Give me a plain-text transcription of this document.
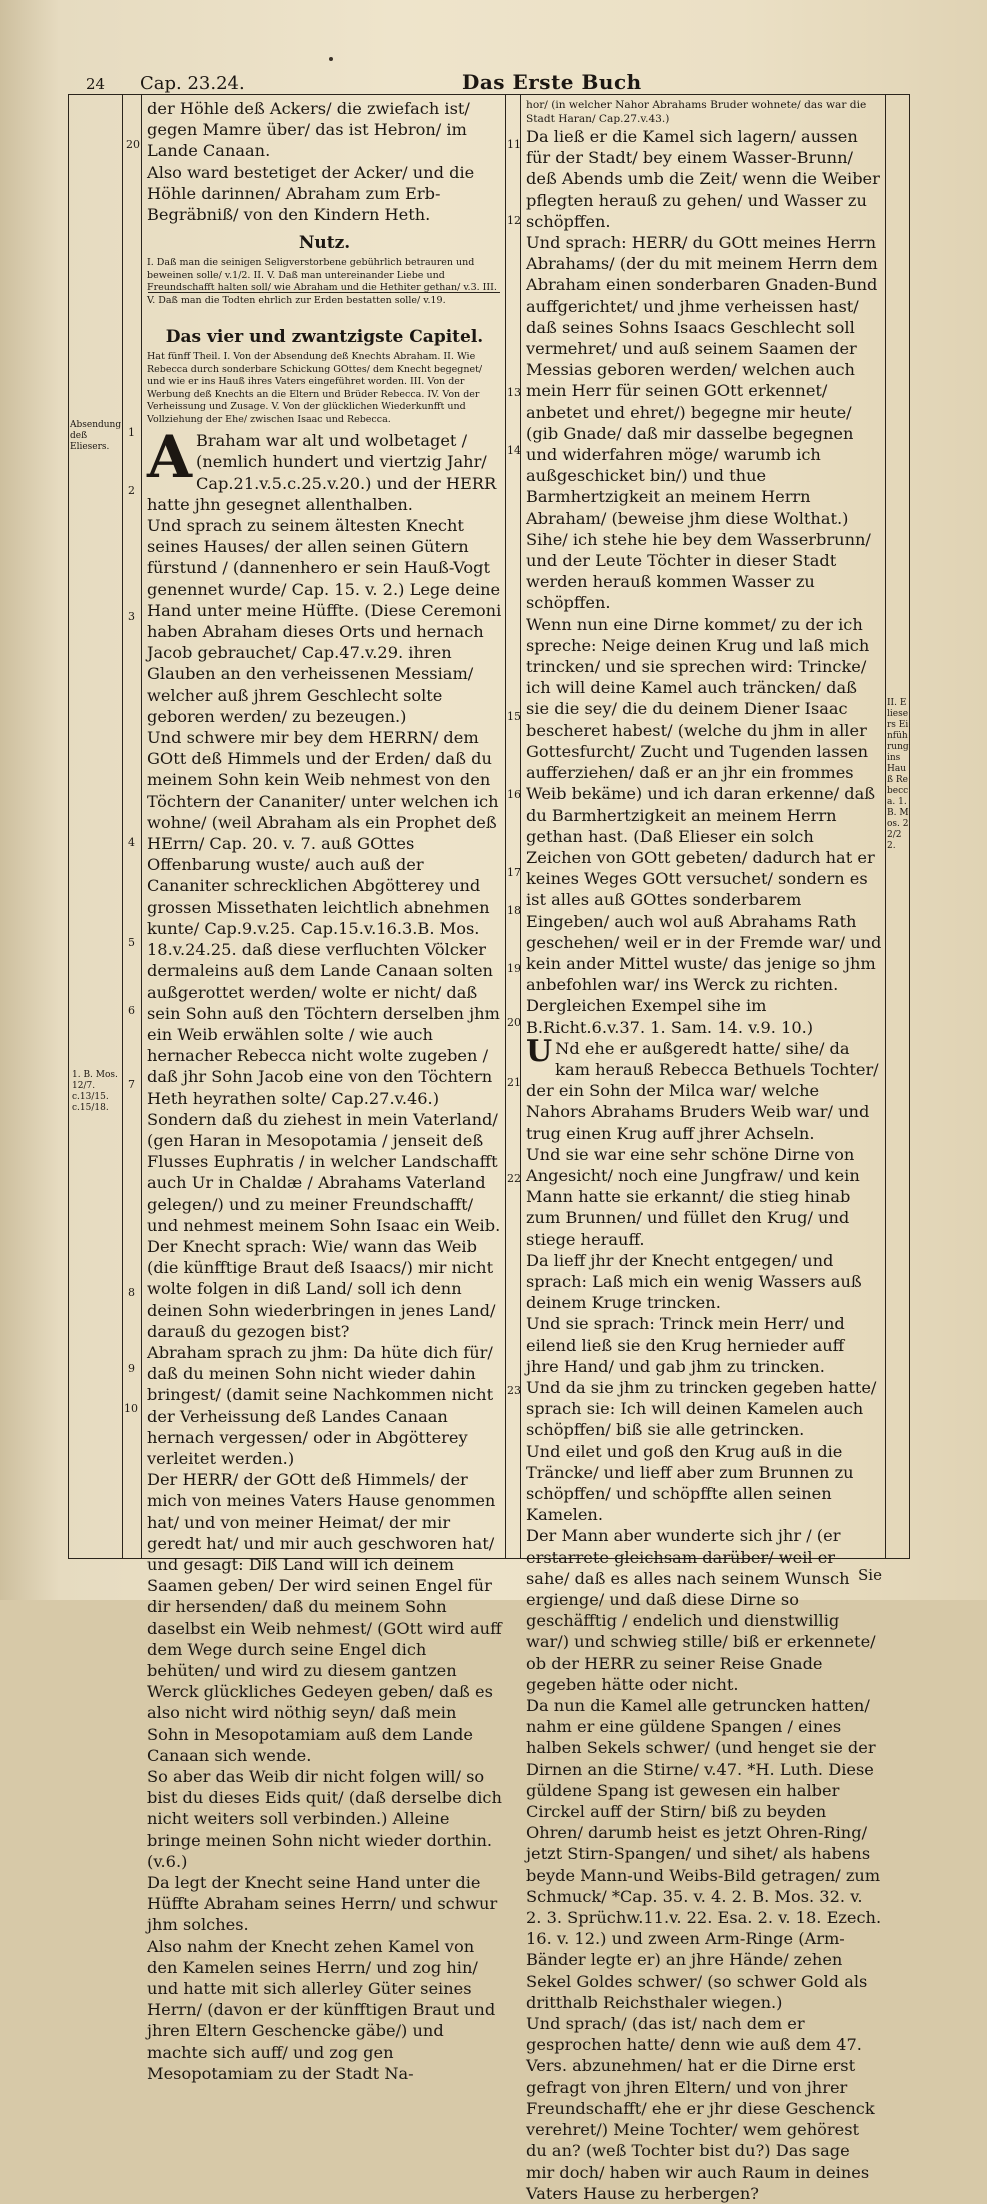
24 Cap. 23.24.	Das Erste Buch
Absendung deß Eliesers.
1. B. Mos. 12/7. c.13/15. c.15/18.
II. Eliesers Einführung ins Hauß Rebecca. 1. B. Mos. 22/22.
20
1
2
3
4
5
6
7
8
9
10
11
12
13
14
15
16
17
18
19
20
21
22
23

der Höhle deß Ackers/ die zwiefach ist/ gegen Mamre über/ das ist Hebron/ im Lande Canaan.

Also ward bestetiget der Acker/ und die Höhle darinnen/ Abraham zum Erb-Begräbniß/ von den Kindern Heth.

Nutz.

I. Daß man die seinigen Seligverstorbene gebührlich betrauren und beweinen solle/ v.1/2. II. V. Daß man untereinander Liebe und Freundschafft halten soll/ wie Abraham und die Hethiter gethan/ v.3. III. V. Daß man die Todten ehrlich zur Erden bestatten solle/ v.19.

Das vier und zwantzigste Capitel.

Hat fünff Theil. I. Von der Absendung deß Knechts Abraham. II. Wie Rebecca durch sonderbare Schickung GOttes/ dem Knecht begegnet/ und wie er ins Hauß ihres Vaters eingeführet worden. III. Von der Werbung deß Knechts an die Eltern und Brüder Rebecca. IV. Von der Verheissung und Zusage. V. Von der glücklichen Wiederkunfft und Vollziehung der Ehe/ zwischen Isaac und Rebecca.

A Braham war alt und wolbetaget / (nemlich hundert und viertzig Jahr/ Cap.21.v.5.c.25.v.20.) und der HERR hatte jhn gesegnet allenthalben.

Und sprach zu seinem ältesten Knecht seines Hauses/ der allen seinen Gütern fürstund / (dannenhero er sein Hauß-Vogt genennet wurde/ Cap. 15. v. 2.) Lege deine Hand unter meine Hüffte. (Diese Ceremoni haben Abraham dieses Orts und hernach Jacob gebrauchet/ Cap.47.v.29. ihren Glauben an den verheissenen Messiam/ welcher auß jhrem Geschlecht solte geboren werden/ zu bezeugen.)

Und schwere mir bey dem HERRN/ dem GOtt deß Himmels und der Erden/ daß du meinem Sohn kein Weib nehmest von den Töchtern der Cananiter/ unter welchen ich wohne/ (weil Abraham als ein Prophet deß HErrn/ Cap. 20. v. 7. auß GOttes Offenbarung wuste/ auch auß der Cananiter schrecklichen Abgötterey und grossen Missethaten leichtlich abnehmen kunte/ Cap.9.v.25. Cap.15.v.16.3.B. Mos. 18.v.24.25. daß diese verfluchten Völcker dermaleins auß dem Lande Canaan solten außgerottet werden/ wolte er nicht/ daß sein Sohn auß den Töchtern derselben jhm ein Weib erwählen solte / wie auch hernacher Rebecca nicht wolte zugeben / daß jhr Sohn Jacob eine von den Töchtern Heth heyrathen solte/ Cap.27.v.46.)

Sondern daß du ziehest in mein Vaterland/ (gen Haran in Mesopotamia / jenseit deß Flusses Euphratis / in welcher Landschafft auch Ur in Chaldæ / Abrahams Vaterland gelegen/) und zu meiner Freundschafft/ und nehmest meinem Sohn Isaac ein Weib.

Der Knecht sprach: Wie/ wann das Weib (die künfftige Braut deß Isaacs/) mir nicht wolte folgen in diß Land/ soll ich denn deinen Sohn wiederbringen in jenes Land/ darauß du gezogen bist?

Abraham sprach zu jhm: Da hüte dich für/ daß du meinen Sohn nicht wieder dahin bringest/ (damit seine Nachkommen nicht der Verheissung deß Landes Canaan hernach vergessen/ oder in Abgötterey verleitet werden.)

Der HERR/ der GOtt deß Himmels/ der mich von meines Vaters Hause genommen hat/ und von meiner Heimat/ der mir geredt hat/ und mir auch geschworen hat/ und gesagt: Diß Land will ich deinem Saamen geben/ Der wird seinen Engel für dir hersenden/ daß du meinem Sohn daselbst ein Weib nehmest/ (GOtt wird auff dem Wege durch seine Engel dich behüten/ und wird zu diesem gantzen Werck glückliches Gedeyen geben/ daß es also nicht wird nöthig seyn/ daß mein Sohn in Mesopotamiam auß dem Lande Canaan sich wende.

So aber das Weib dir nicht folgen will/ so bist du dieses Eids quit/ (daß derselbe dich nicht weiters soll verbinden.) Alleine bringe meinen Sohn nicht wieder dorthin. (v.6.)

Da legt der Knecht seine Hand unter die Hüffte Abraham seines Herrn/ und schwur jhm solches.

Also nahm der Knecht zehen Kamel von den Kamelen seines Herrn/ und zog hin/ und hatte mit sich allerley Güter seines Herrn/ (davon er der künfftigen Braut und jhren Eltern Geschencke gäbe/) und machte sich auff/ und zog gen Mesopotamiam zu der Stadt Na-

hor/ (in welcher Nahor Abrahams Bruder wohnete/ das war die Stadt Haran/ Cap.27.v.43.)

Da ließ er die Kamel sich lagern/ aussen für der Stadt/ bey einem Wasser-Brunn/ deß Abends umb die Zeit/ wenn die Weiber pflegten herauß zu gehen/ und Wasser zu schöpffen.

Und sprach: HERR/ du GOtt meines Herrn Abrahams/ (der du mit meinem Herrn dem Abraham einen sonderbaren Gnaden-Bund auffgerichtet/ und jhme verheissen hast/ daß seines Sohns Isaacs Geschlecht soll vermehret/ und auß seinem Saamen der Messias geboren werden/ welchen auch mein Herr für seinen GOtt erkennet/ anbetet und ehret/) begegne mir heute/ (gib Gnade/ daß mir dasselbe begegnen und widerfahren möge/ warumb ich außgeschicket bin/) und thue Barmhertzigkeit an meinem Herrn Abraham/ (beweise jhm diese Wolthat.)

Sihe/ ich stehe hie bey dem Wasserbrunn/ und der Leute Töchter in dieser Stadt werden herauß kommen Wasser zu schöpffen.

Wenn nun eine Dirne kommet/ zu der ich spreche: Neige deinen Krug und laß mich trincken/ und sie sprechen wird: Trincke/ ich will deine Kamel auch träncken/ daß sie die sey/ die du deinem Diener Isaac bescheret habest/ (welche du jhm in aller Gottesfurcht/ Zucht und Tugenden lassen aufferziehen/ daß er an jhr ein frommes Weib bekäme) und ich daran erkenne/ daß du Barmhertzigkeit an meinem Herrn gethan hast. (Daß Elieser ein solch Zeichen von GOtt gebeten/ dadurch hat er keines Weges GOtt versuchet/ sondern es ist alles auß GOttes sonderbarem Eingeben/ auch wol auß Abrahams Rath geschehen/ weil er in der Fremde war/ und kein ander Mittel wuste/ das jenige so jhm anbefohlen war/ ins Werck zu richten. Dergleichen Exempel sihe im B.Richt.6.v.37. 1. Sam. 14. v.9. 10.)

U Nd ehe er außgeredt hatte/ sihe/ da kam herauß Rebecca Bethuels Tochter/ der ein Sohn der Milca war/ welche Nahors Abrahams Bruders Weib war/ und trug einen Krug auff jhrer Achseln.

Und sie war eine sehr schöne Dirne von Angesicht/ noch eine Jungfraw/ und kein Mann hatte sie erkannt/ die stieg hinab zum Brunnen/ und füllet den Krug/ und stiege herauff.

Da lieff jhr der Knecht entgegen/ und sprach: Laß mich ein wenig Wassers auß deinem Kruge trincken.

Und sie sprach: Trinck mein Herr/ und eilend ließ sie den Krug hernieder auff jhre Hand/ und gab jhm zu trincken.

Und da sie jhm zu trincken gegeben hatte/ sprach sie: Ich will deinen Kamelen auch schöpffen/ biß sie alle getrincken.

Und eilet und goß den Krug auß in die Träncke/ und lieff aber zum Brunnen zu schöpffen/ und schöpffte allen seinen Kamelen.

Der Mann aber wunderte sich jhr / (er erstarrete gleichsam darüber/ weil er sahe/ daß es alles nach seinem Wunsch ergienge/ und daß diese Dirne so geschäfftig / endelich und dienstwillig war/) und schwieg stille/ biß er erkennete/ ob der HERR zu seiner Reise Gnade gegeben hätte oder nicht.

Da nun die Kamel alle getruncken hatten/ nahm er eine güldene Spangen / eines halben Sekels schwer/ (und henget sie der Dirnen an die Stirne/ v.47. *H. Luth. Diese güldene Spang ist gewesen ein halber Circkel auff der Stirn/ biß zu beyden Ohren/ darumb heist es jetzt Ohren-Ring/ jetzt Stirn-Spangen/ und sihet/ als habens beyde Mann-und Weibs-Bild getragen/ zum Schmuck/ *Cap. 35. v. 4. 2. B. Mos. 32. v. 2. 3. Sprüchw.11.v. 22. Esa. 2. v. 18. Ezech. 16. v. 12.) und zween Arm-Ringe (Arm-Bänder legte er) an jhre Hände/ zehen Sekel Goldes schwer/ (so schwer Gold als dritthalb Reichsthaler wiegen.)

Und sprach/ (das ist/ nach dem er gesprochen hatte/ denn wie auß dem 47. Vers. abzunehmen/ hat er die Dirne erst gefragt von jhren Eltern/ und von jhrer Freundschafft/ ehe er jhr diese Geschenck verehret/) Meine Tochter/ wem gehörest du an? (weß Tochter bist du?) Das sage mir doch/ haben wir auch Raum in deines Vaters Hause zu herbergen?

Sie
